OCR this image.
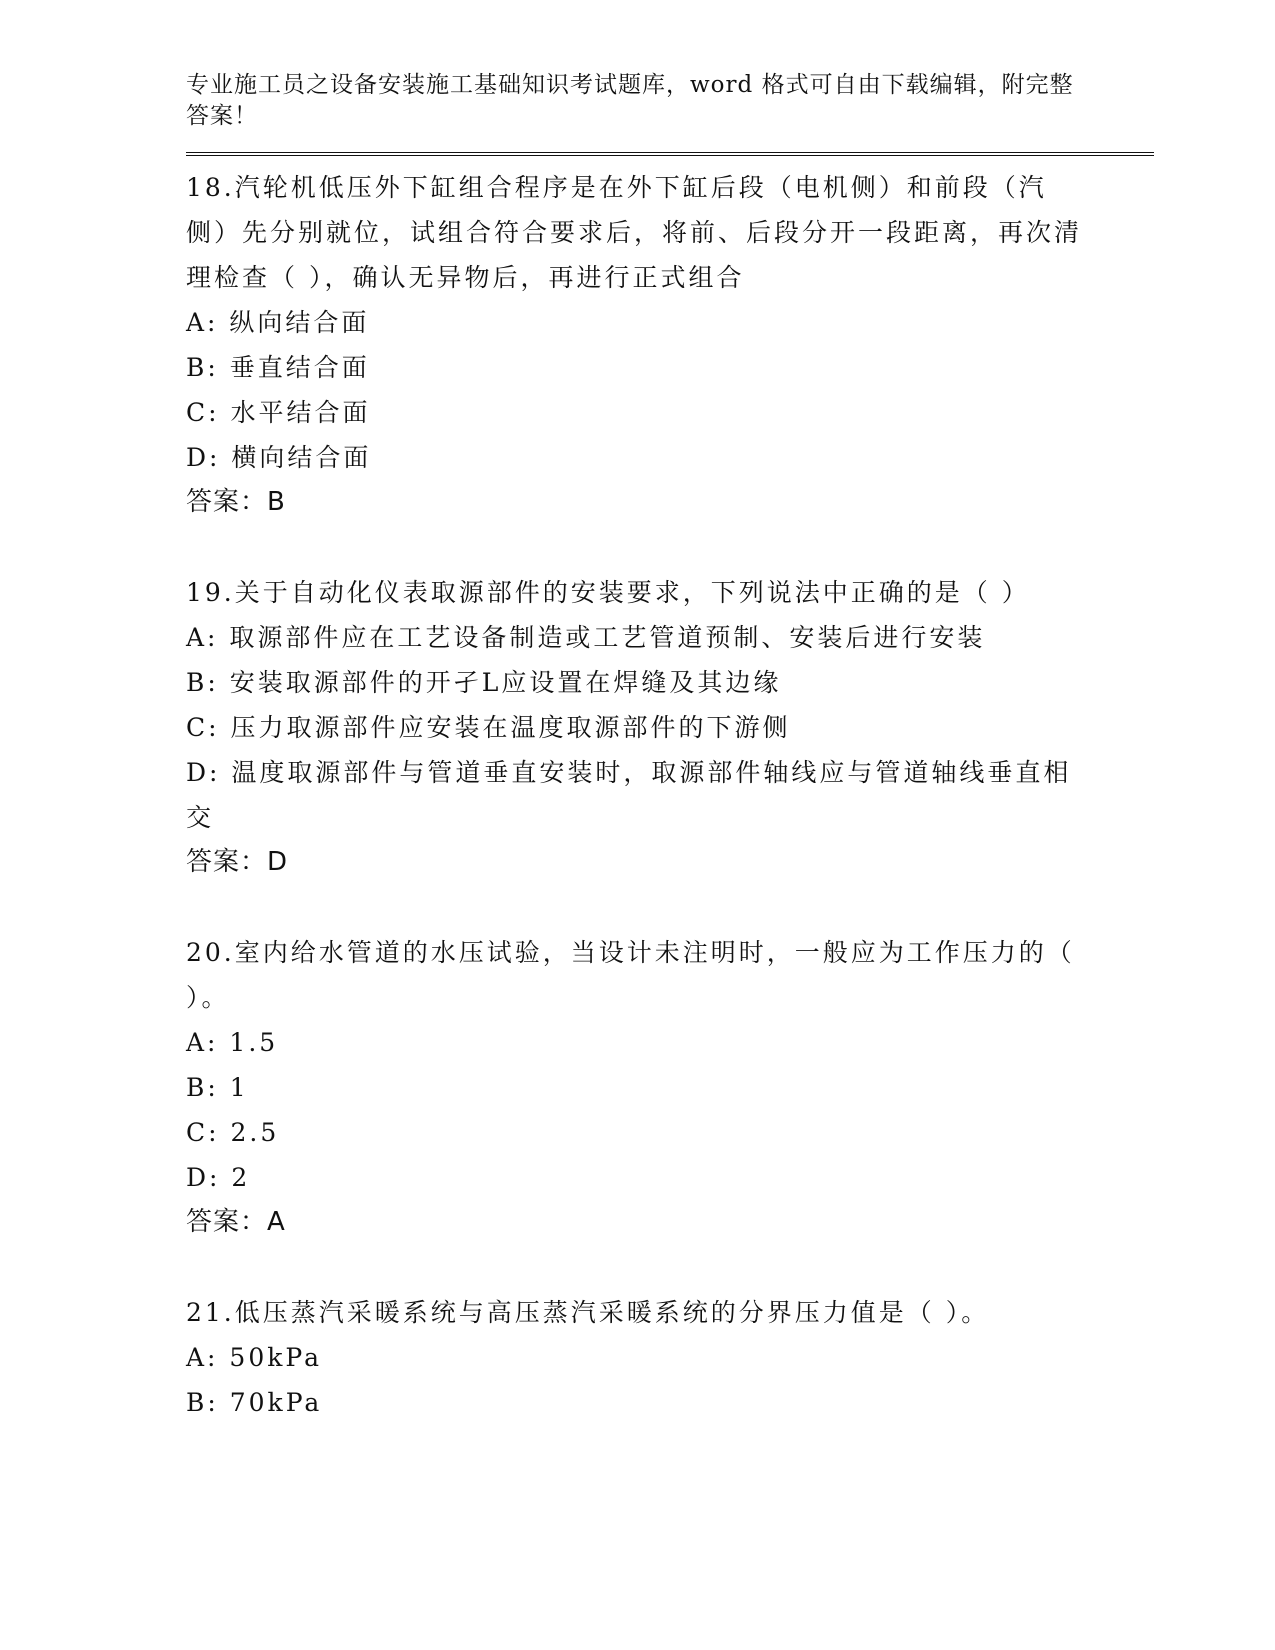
专业施工员之设备安装施工基础知识考试题库，word 格式可自由下载编辑，附完整答案！
18.汽轮机低压外下缸组合程序是在外下缸后段（电机侧）和前段（汽侧）先分别就位，试组合符合要求后，将前、后段分开一段距离，再次清理检查（ ），确认无异物后，再进行正式组合
A: 纵向结合面
B: 垂直结合面
C: 水平结合面
D: 横向结合面
答案：B
19.关于自动化仪表取源部件的安装要求，下列说法中正确的是（ ）
A: 取源部件应在工艺设备制造或工艺管道预制、安装后进行安装
B: 安装取源部件的开孑L应设置在焊缝及其边缘
C: 压力取源部件应安装在温度取源部件的下游侧
D: 温度取源部件与管道垂直安装时，取源部件轴线应与管道轴线垂直相交
答案：D
20.室内给水管道的水压试验，当设计未注明时，一般应为工作压力的（ ）。
A: 1.5
B: 1
C: 2.5
D: 2
答案：A
21.低压蒸汽采暖系统与高压蒸汽采暖系统的分界压力值是（ ）。
A: 50kPa
B: 70kPa
